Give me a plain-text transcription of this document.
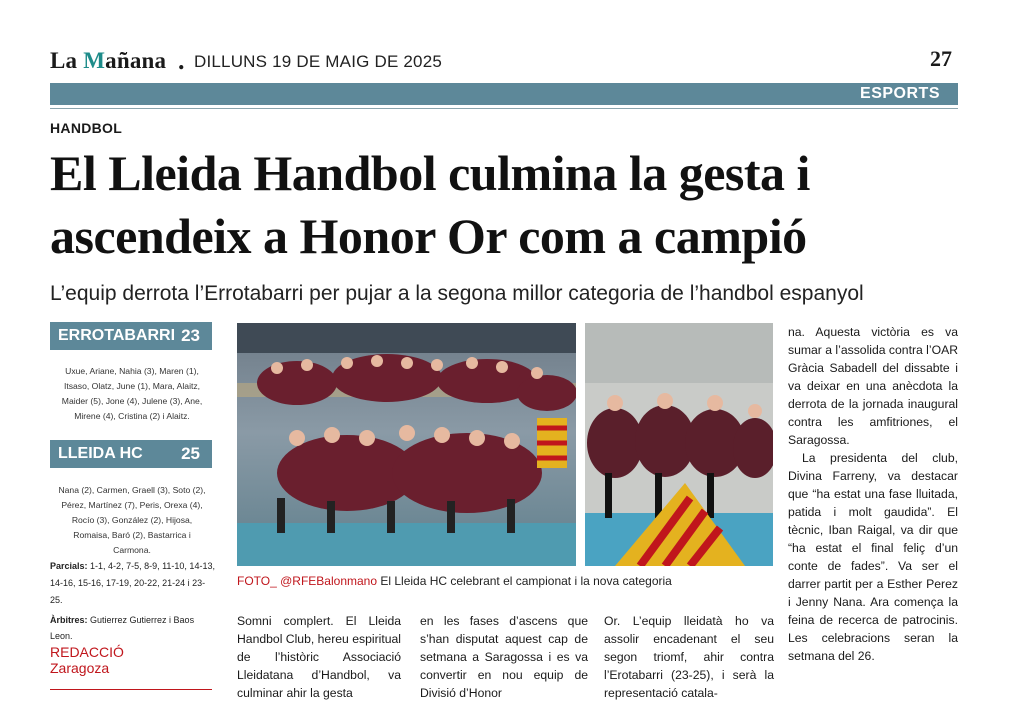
La Mañana . DILLUNS 19 DE MAIG DE 2025	27
ESPORTS
HANDBOL
El Lleida Handbol culmina la gesta i ascendeix a Honor Or com a campió
L’equip derrota l’Errotabarri per pujar a la segona millor categoria de l’handbol espanyol
ERROTABARRI 23
Uxue, Ariane, Nahia (3), Maren (1), Itsaso, Olatz, June (1), Mara, Alaitz, Maider (5), Jone (4), Julene (3), Ane, Mirene (4), Cristina (2) i Alaitz.
LLEIDA HC 25
Nana (2), Carmen, Graell (3), Soto (2), Pérez, Martínez (7), Peris, Orexa (4), Rocío (3), González (2), Hijosa, Romaisa, Baró (2), Bastarrica i Carmona.
Parcials: 1-1, 4-2, 7-5, 8-9, 11-10, 14-13, 14-16, 15-16, 17-19, 20-22, 21-24 i 23-25.
Àrbitres: Gutierrez Gutierrez i Baos Leon.
REDACCIÓ
Zaragoza
FOTO_ @RFEBalonmano El Lleida HC celebrant el campionat i la nova categoria
Somni complert. El Lleida Handbol Club, hereu espiritual de l’històric Associació Lleidatana d’Handbol, va culminar ahir la gesta
en les fases d’ascens que s’han disputat aquest cap de setmana a Saragossa i es va convertir en nou equip de Divisió d’Honor
Or. L’equip lleidatà ho va assolir encadenant el seu segon triomf, ahir contra l’Erotabarri (23-25), i serà la representació catala-

na. Aquesta victòria es va sumar a l’assolida contra l’OAR Gràcia Sabadell del dissabte i va deixar en una anècdota la derrota de la jornada inaugural contra les amfitriones, el Saragossa.

La presidenta del club, Divina Farreny, va destacar que “ha estat una fase lluitada, patida i molt gaudida”. El tècnic, Iban Raigal, va dir que “ha estat el final feliç d’un conte de fades”. Va ser el darrer partit per a Esther Perez i Jenny Nana. Ara comença la feina de recerca de patrocinis. Les celebracions seran la setmana del 26.
